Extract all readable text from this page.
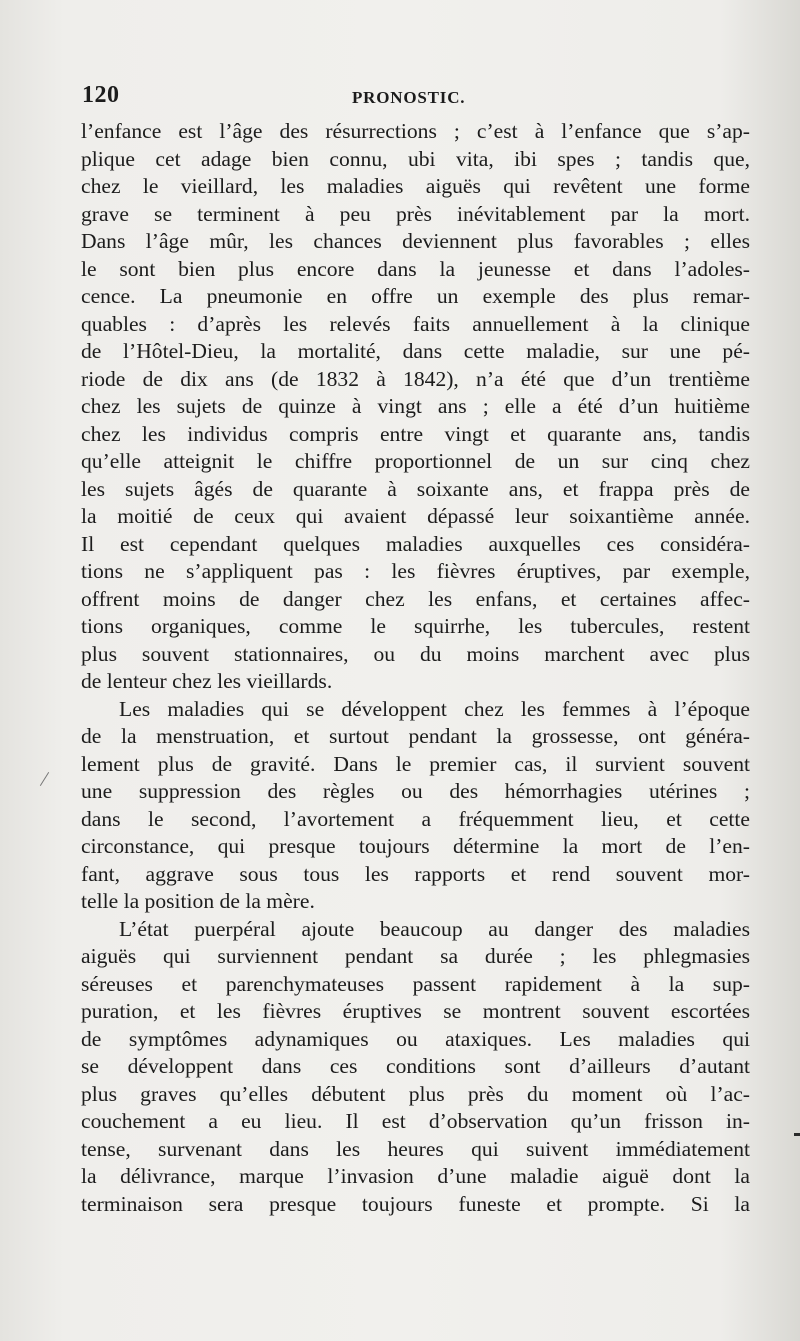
120	PRONOSTIC.
l’enfance est l’âge des résurrections ; c’est à l’enfance que s’ap-
plique cet adage bien connu, ubi vita, ibi spes ; tandis que,
chez le vieillard, les maladies aiguës qui revêtent une forme
grave se terminent à peu près inévitablement par la mort.
Dans l’âge mûr, les chances deviennent plus favorables ; elles
le sont bien plus encore dans la jeunesse et dans l’adoles-
cence. La pneumonie en offre un exemple des plus remar-
quables : d’après les relevés faits annuellement à la clinique
de l’Hôtel-Dieu, la mortalité, dans cette maladie, sur une pé-
riode de dix ans (de 1832 à 1842), n’a été que d’un trentième
chez les sujets de quinze à vingt ans ; elle a été d’un huitième
chez les individus compris entre vingt et quarante ans, tandis
qu’elle atteignit le chiffre proportionnel de un sur cinq chez
les sujets âgés de quarante à soixante ans, et frappa près de
la moitié de ceux qui avaient dépassé leur soixantième année.
Il est cependant quelques maladies auxquelles ces considéra-
tions ne s’appliquent pas : les fièvres éruptives, par exemple,
offrent moins de danger chez les enfans, et certaines affec-
tions organiques, comme le squirrhe, les tubercules, restent
plus souvent stationnaires, ou du moins marchent avec plus
de lenteur chez les vieillards.
Les maladies qui se développent chez les femmes à l’époque
de la menstruation, et surtout pendant la grossesse, ont généra-
lement plus de gravité. Dans le premier cas, il survient souvent
une suppression des règles ou des hémorrhagies utérines ;
dans le second, l’avortement a fréquemment lieu, et cette
circonstance, qui presque toujours détermine la mort de l’en-
fant, aggrave sous tous les rapports et rend souvent mor-
telle la position de la mère.
L’état puerpéral ajoute beaucoup au danger des maladies
aiguës qui surviennent pendant sa durée ; les phlegmasies
séreuses et parenchymateuses passent rapidement à la sup-
puration, et les fièvres éruptives se montrent souvent escortées
de symptômes adynamiques ou ataxiques. Les maladies qui
se développent dans ces conditions sont d’ailleurs d’autant
plus graves qu’elles débutent plus près du moment où l’ac-
couchement a eu lieu. Il est d’observation qu’un frisson in-
tense, survenant dans les heures qui suivent immédiatement
la délivrance, marque l’invasion d’une maladie aiguë dont la
terminaison sera presque toujours funeste et prompte. Si la
